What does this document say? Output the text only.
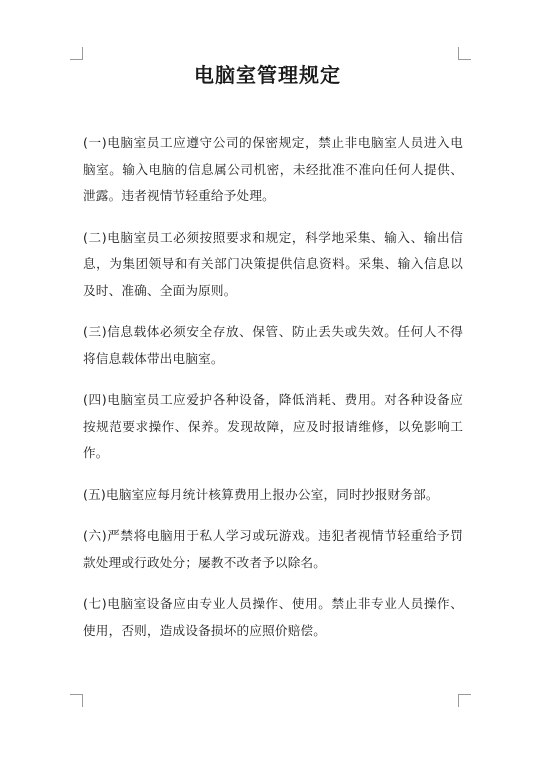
电脑室管理规定

(一)电脑室员工应遵守公司的保密规定，禁止非电脑室人员进入电脑室。输入电脑的信息属公司机密，未经批准不准向任何人提供、泄露。违者视情节轻重给予处理。

(二)电脑室员工必须按照要求和规定，科学地采集、输入、输出信息，为集团领导和有关部门决策提供信息资料。采集、输入信息以及时、准确、全面为原则。

(三)信息载体必须安全存放、保管、防止丢失或失效。任何人不得将信息载体带出电脑室。

(四)电脑室员工应爱护各种设备，降低消耗、费用。对各种设备应按规范要求操作、保养。发现故障，应及时报请维修，以免影响工作。

(五)电脑室应每月统计核算费用上报办公室，同时抄报财务部。

(六)严禁将电脑用于私人学习或玩游戏。违犯者视情节轻重给予罚款处理或行政处分；屡教不改者予以除名。

(七)电脑室设备应由专业人员操作、使用。禁止非专业人员操作、使用，否则，造成设备损坏的应照价赔偿。
